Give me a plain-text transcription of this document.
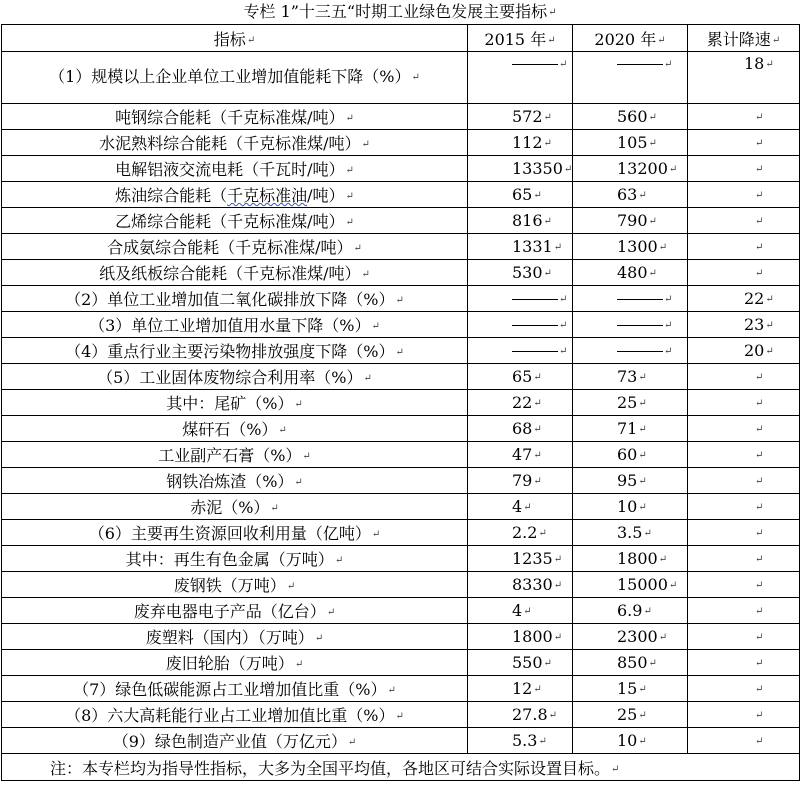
专栏 1”十三五“时期工业绿色发展主要指标↵
指标↵	2015 年↵	2020 年↵	累计降速↵
（1）规模以上企业单位工业增加值能耗下降（%）↵	↵	↵	18↵
吨钢综合能耗（千克标准煤/吨）↵	572↵	560↵	↵
水泥熟料综合能耗（千克标准煤/吨）↵	112↵	105↵	↵
电解铝液交流电耗（千瓦时/吨）↵	13350↵	13200↵	↵
炼油综合能耗（千克标准油/吨）↵	65↵	63↵	↵
乙烯综合能耗（千克标准煤/吨）↵	816↵	790↵	↵
合成氨综合能耗（千克标准煤/吨）↵	1331↵	1300↵	↵
纸及纸板综合能耗（千克标准煤/吨）↵	530↵	480↵	↵
（2）单位工业增加值二氧化碳排放下降（%）↵	↵	↵	22↵
（3）单位工业增加值用水量下降（%）↵	↵	↵	23↵
（4）重点行业主要污染物排放强度下降（%）↵	↵	↵	20↵
（5）工业固体废物综合利用率（%）↵	65↵	73↵	↵
其中：尾矿（%）↵	22↵	25↵	↵
煤矸石（%）↵	68↵	71↵	↵
工业副产石膏（%）↵	47↵	60↵	↵
钢铁冶炼渣（%）↵	79↵	95↵	↵
赤泥（%）↵	4↵	10↵	↵
（6）主要再生资源回收利用量（亿吨）↵	2.2↵	3.5↵	↵
其中：再生有色金属（万吨）↵	1235↵	1800↵	↵
废钢铁（万吨）↵	8330↵	15000↵	↵
废弃电器电子产品（亿台）↵	4↵	6.9↵	↵
废塑料（国内）（万吨）↵	1800↵	2300↵	↵
废旧轮胎（万吨）↵	550↵	850↵	↵
（7）绿色低碳能源占工业增加值比重（%）↵	12↵	15↵	↵
（8）六大高耗能行业占工业增加值比重（%）↵	27.8↵	25↵	↵
（9）绿色制造产业值（万亿元）↵	5.3↵	10↵	↵
注：本专栏均为指导性指标，大多为全国平均值，各地区可结合实际设置目标。↵			
